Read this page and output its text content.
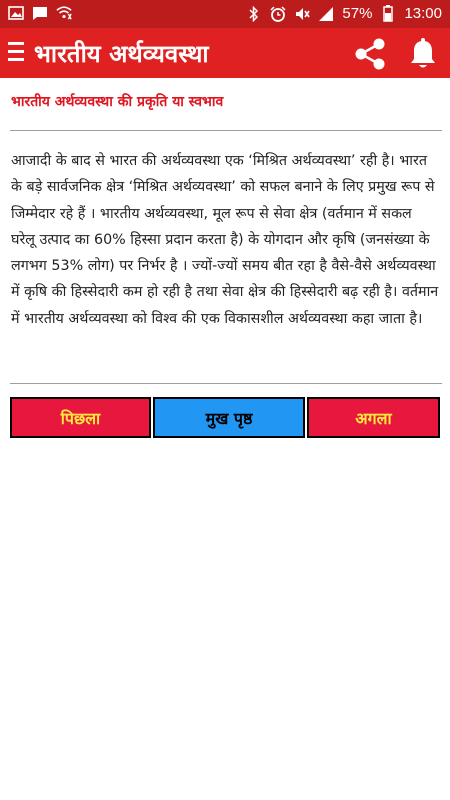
57% 13:00
भारतीय अर्थव्यवस्था
भारतीय अर्थव्यवस्था की प्रकृति या स्वभाव
आजादी के बाद से भारत की अर्थव्यवस्था एक ‘मिश्रित अर्थव्यवस्था’ रही है। भारत के बड़े सार्वजनिक क्षेत्र ‘मिश्रित अर्थव्यवस्था’ को सफल बनाने के लिए प्रमुख रूप से जिम्मेदार रहे हैं । भारतीय अर्थव्यवस्था, मूल रूप से सेवा क्षेत्र (वर्तमान में सकल घरेलू उत्पाद का 60% हिस्सा प्रदान करता है) के योगदान और कृषि (जनसंख्या के लगभग 53% लोग) पर निर्भर है । ज्यों-ज्यों समय बीत रहा है वैसे-वैसे अर्थव्यवस्था में कृषि की हिस्सेदारी कम हो रही है तथा सेवा क्षेत्र की हिस्सेदारी बढ़ रही है। वर्तमान में भारतीय अर्थव्यवस्था को विश्व की एक विकासशील अर्थव्यवस्था कहा जाता है।
पिछला	मुख पृष्ठ	अगला
